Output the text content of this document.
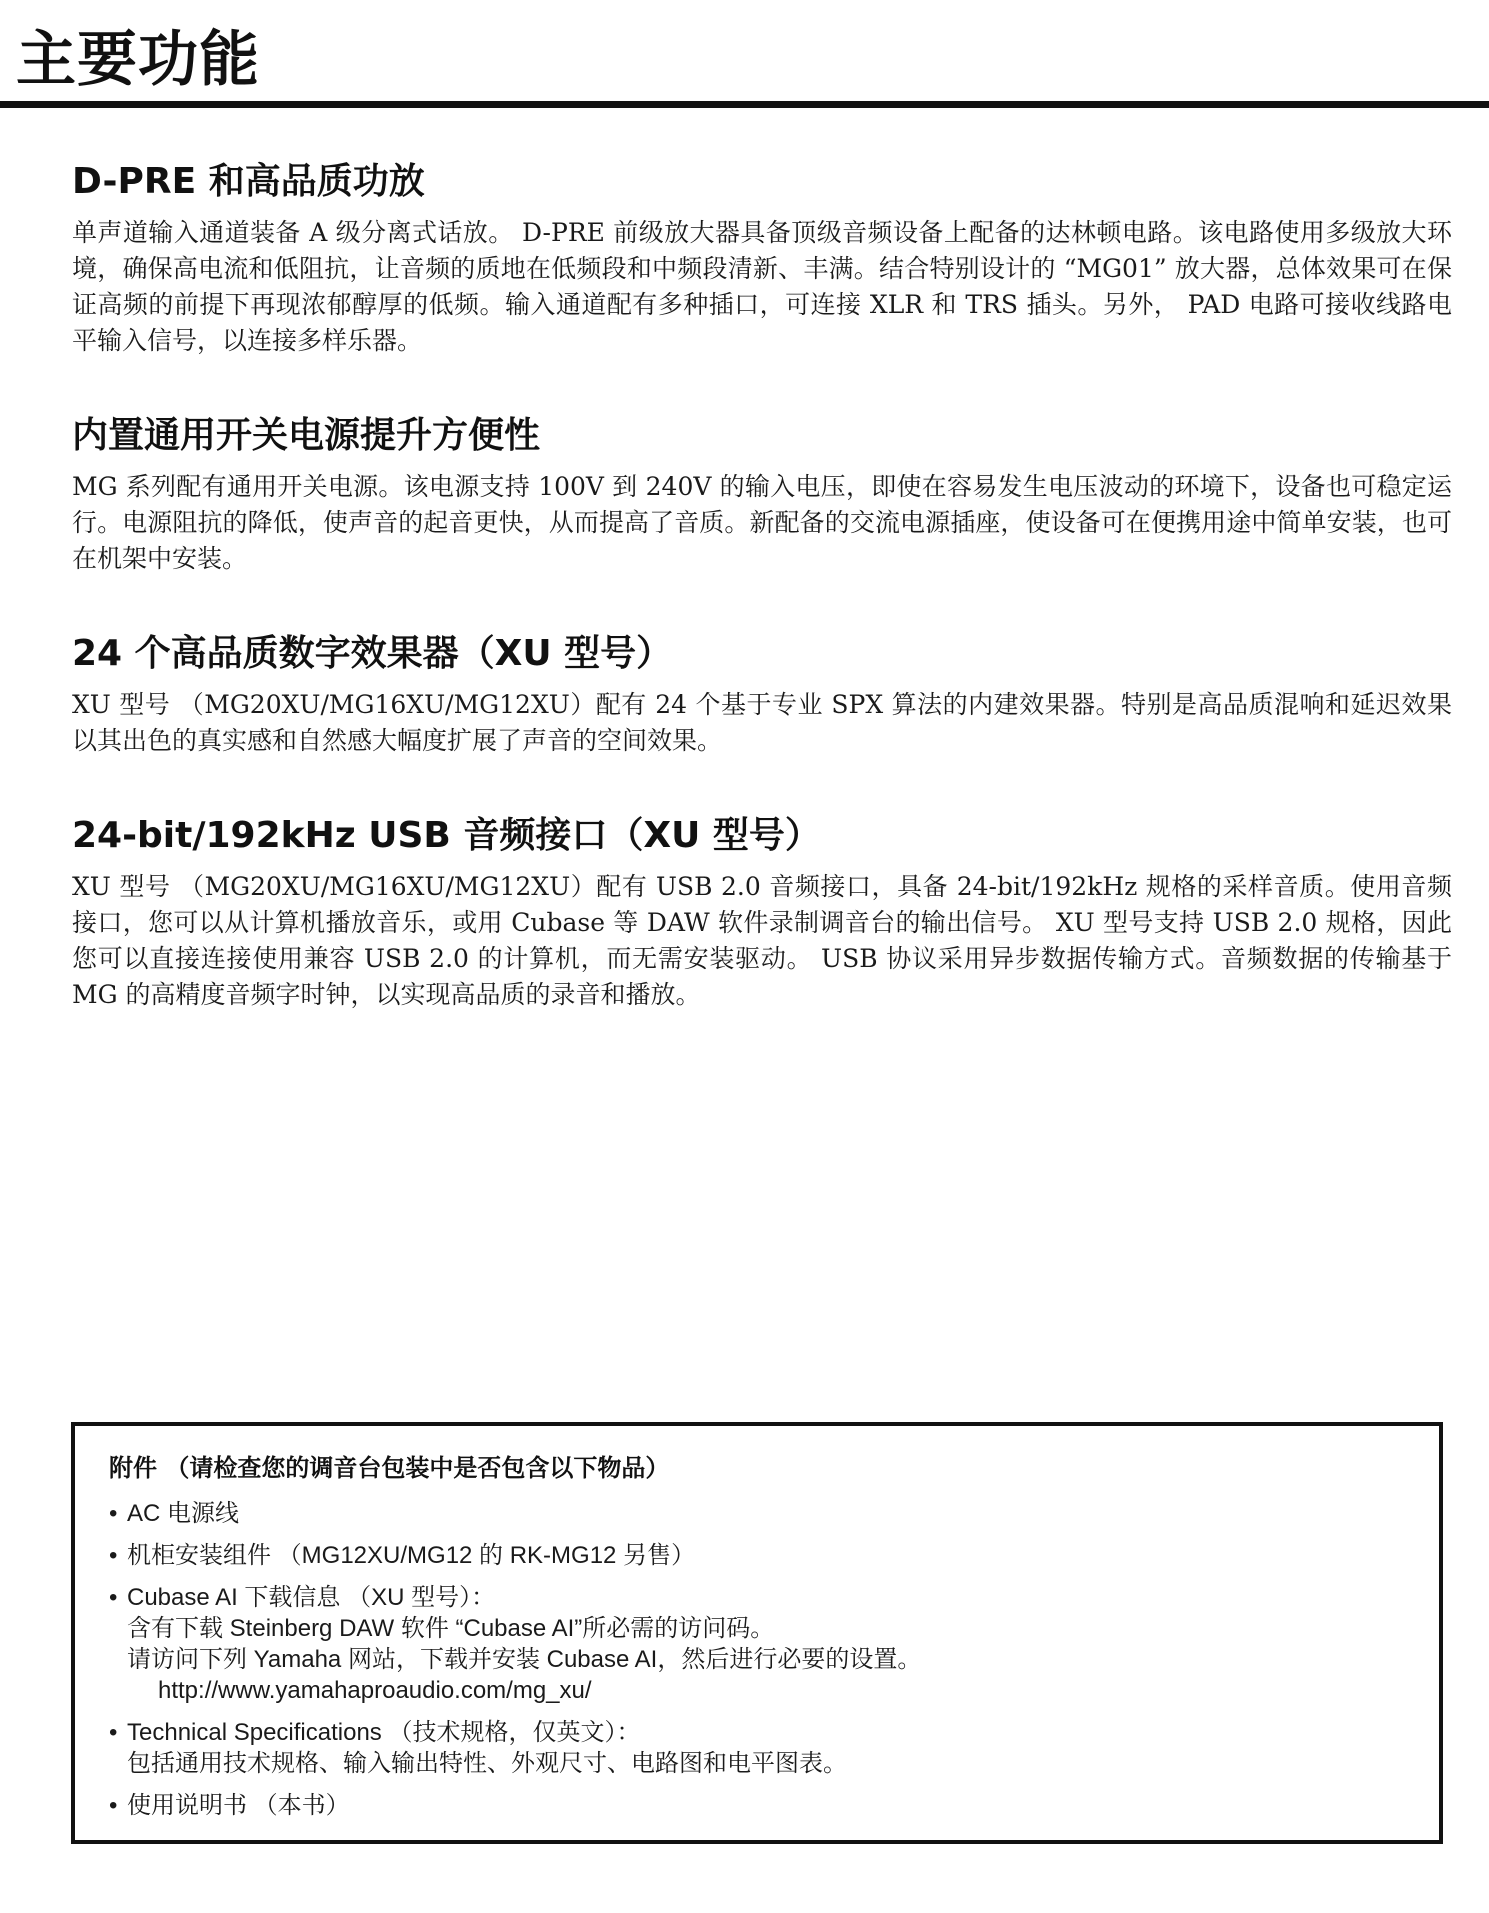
主要功能
D-PRE 和高品质功放

单声道输入通道装备 A 级分离式话放。 D-PRE 前级放大器具备顶级音频设备上配备的达林顿电路。该电路使用多级放大环境，确保高电流和低阻抗，让音频的质地在低频段和中频段清新、丰满。结合特别设计的 “MG01” 放大器，总体效果可在保证高频的前提下再现浓郁醇厚的低频。输入通道配有多种插口，可连接 XLR 和 TRS 插头。另外， PAD 电路可接收线路电平输入信号，以连接多样乐器。

内置通用开关电源提升方便性

MG 系列配有通用开关电源。该电源支持 100V 到 240V 的输入电压，即使在容易发生电压波动的环境下，设备也可稳定运行。电源阻抗的降低，使声音的起音更快，从而提高了音质。新配备的交流电源插座，使设备可在便携用途中简单安装，也可在机架中安装。

24 个高品质数字效果器（XU 型号）

XU 型号 （MG20XU/MG16XU/MG12XU）配有 24 个基于专业 SPX 算法的内建效果器。特别是高品质混响和延迟效果以其出色的真实感和自然感大幅度扩展了声音的空间效果。

24-bit/192kHz USB 音频接口（XU 型号）

XU 型号 （MG20XU/MG16XU/MG12XU）配有 USB 2.0 音频接口，具备 24-bit/192kHz 规格的采样音质。使用音频接口，您可以从计算机播放音乐，或用 Cubase 等 DAW 软件录制调音台的输出信号。 XU 型号支持 USB 2.0 规格，因此您可以直接连接使用兼容 USB 2.0 的计算机，而无需安装驱动。 USB 协议采用异步数据传输方式。音频数据的传输基于 MG 的高精度音频字时钟，以实现高品质的录音和播放。

附件 （请检查您的调音台包装中是否包含以下物品）
• AC 电源线
• 机柜安装组件 （MG12XU/MG12 的 RK-MG12 另售）
• Cubase AI 下载信息 （XU 型号）：
含有下载 Steinberg DAW 软件 “Cubase AI”所必需的访问码。
请访问下列 Yamaha 网站，下载并安装 Cubase AI，然后进行必要的设置。
http://www.yamahaproaudio.com/mg_xu/
• Technical Specifications （技术规格，仅英文）：
包括通用技术规格、输入输出特性、外观尺寸、电路图和电平图表。
• 使用说明书 （本书）
